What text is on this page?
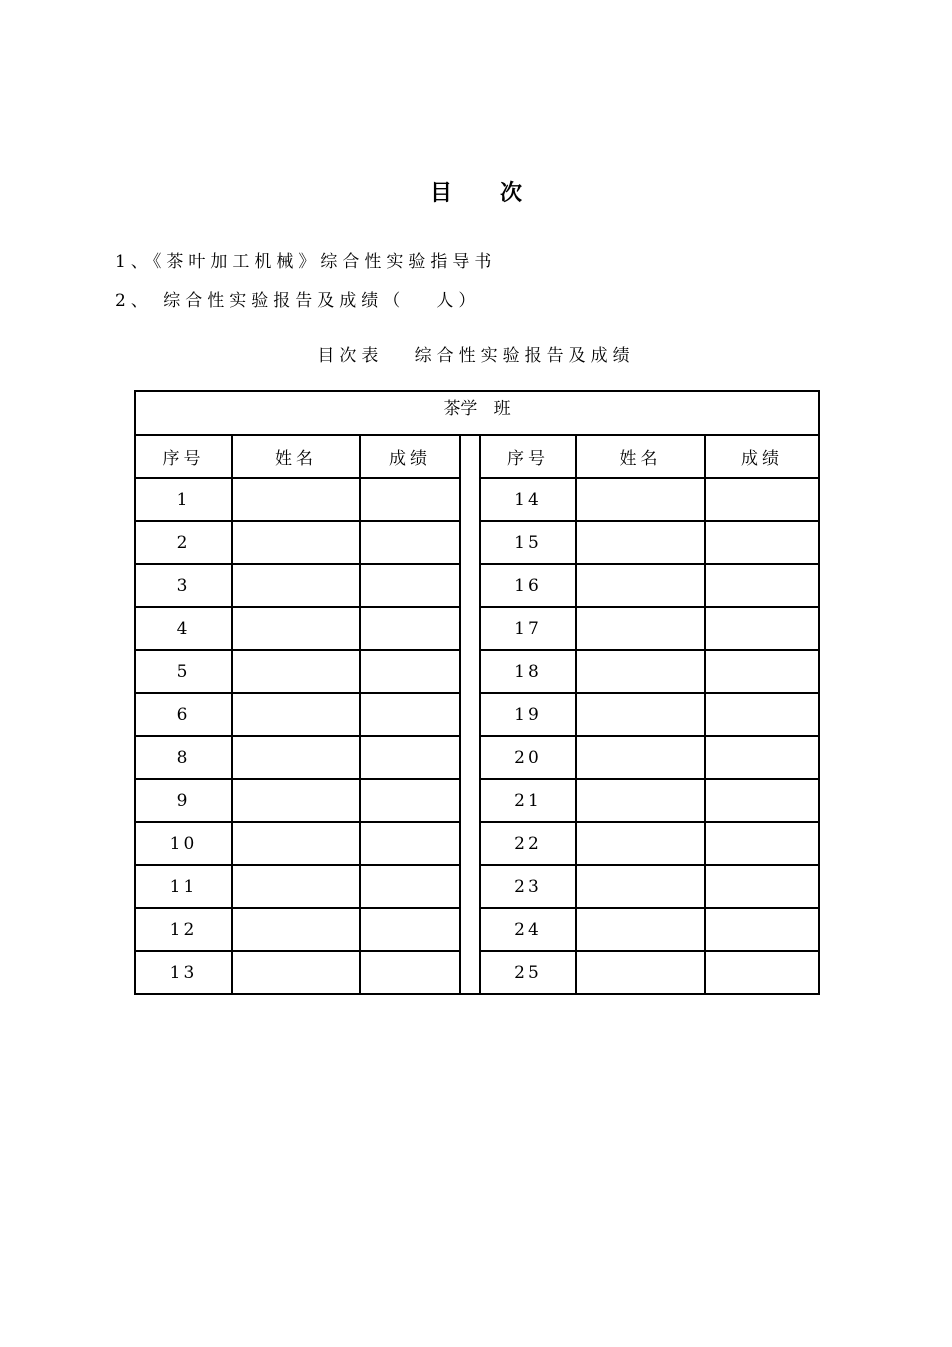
目 次
1、《茶叶加工机械》综合性实验指导书
2、 综合性实验报告及成绩（   人）
目次表   综合性实验报告及成绩
茶学   班						
序号	姓名	成绩		序号	姓名	成绩
1				14		
2				15		
3				16		
4				17		
5				18		
6				19		
8				20		
9				21		
10				22		
11				23		
12				24		
13				25		
